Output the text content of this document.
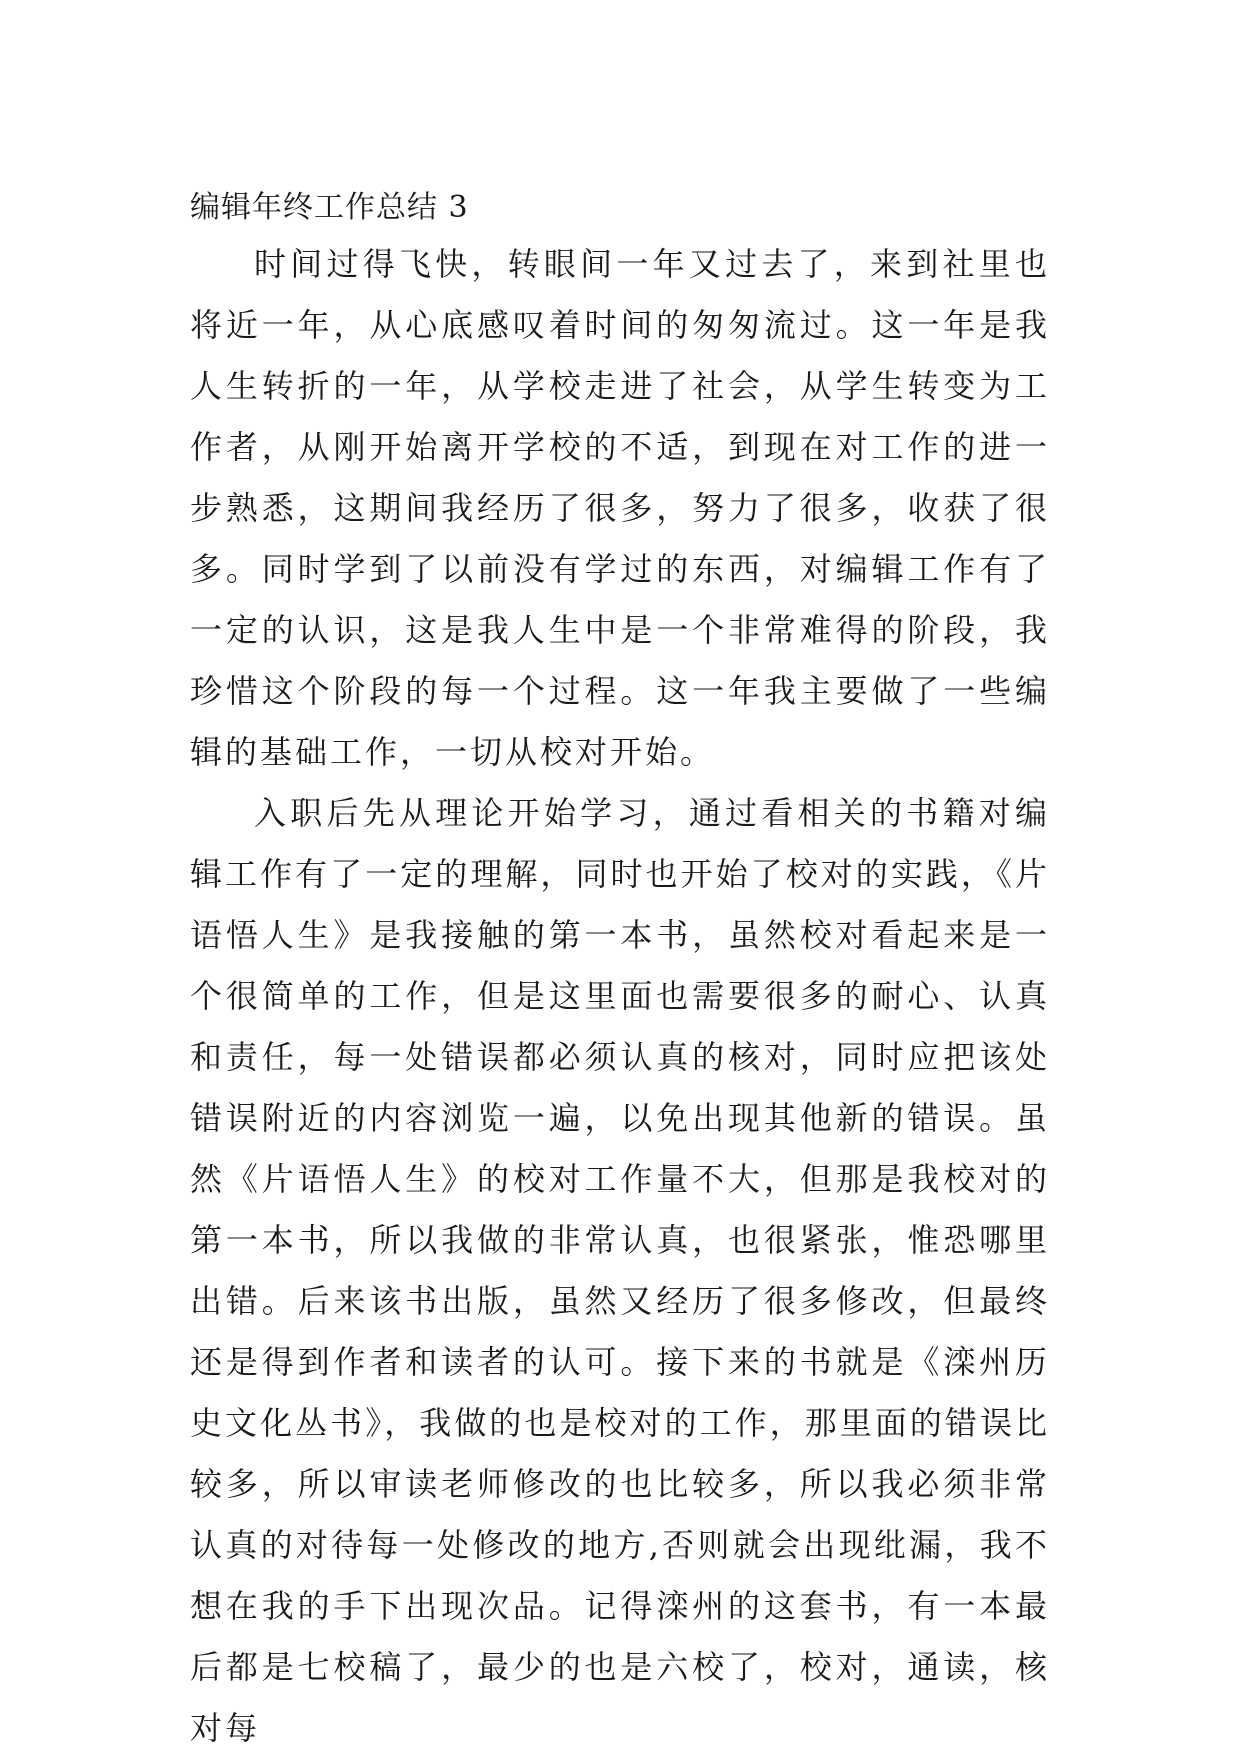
编辑年终工作总结 3

时间过得飞快，转眼间一年又过去了，来到社里也将近一年，从心底感叹着时间的匆匆流过。这一年是我人生转折的一年，从学校走进了社会，从学生转变为工作者，从刚开始离开学校的不适，到现在对工作的进一步熟悉，这期间我经历了很多，努力了很多，收获了很多。同时学到了以前没有学过的东西，对编辑工作有了一定的认识，这是我人生中是一个非常难得的阶段，我珍惜这个阶段的每一个过程。这一年我主要做了一些编辑的基础工作，一切从校对开始。

入职后先从理论开始学习，通过看相关的书籍对编辑工作有了一定的理解，同时也开始了校对的实践，《片语悟人生》是我接触的第一本书，虽然校对看起来是一个很简单的工作，但是这里面也需要很多的耐心、认真和责任，每一处错误都必须认真的核对，同时应把该处错误附近的内容浏览一遍，以免出现其他新的错误。虽然《片语悟人生》的校对工作量不大，但那是我校对的第一本书，所以我做的非常认真，也很紧张，惟恐哪里出错。后来该书出版，虽然又经历了很多修改，但最终还是得到作者和读者的认可。接下来的书就是《滦州历史文化丛书》，我做的也是校对的工作，那里面的错误比较多，所以审读老师修改的也比较多，所以我必须非常认真的对待每一处修改的地方,否则就会出现纰漏，我不想在我的手下出现次品。记得滦州的这套书，有一本最后都是七校稿了，最少的也是六校了，校对，通读，核对每
